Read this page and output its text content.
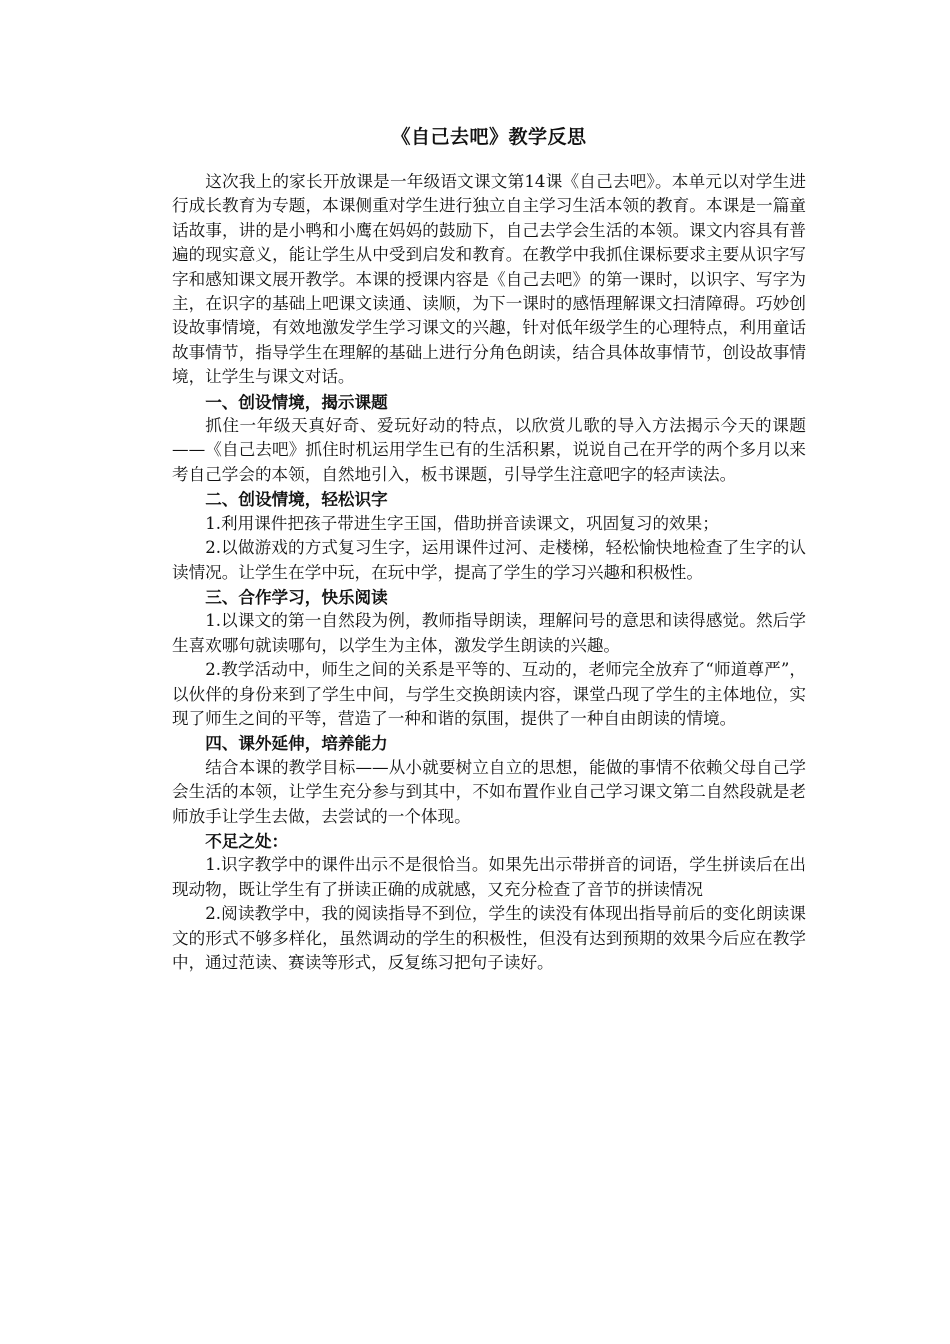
《自己去吧》教学反思

这次我上的家长开放课是一年级语文课文第14课《自己去吧》。本单元以对学生进行成长教育为专题，本课侧重对学生进行独立自主学习生活本领的教育。本课是一篇童话故事，讲的是小鸭和小鹰在妈妈的鼓励下，自己去学会生活的本领。课文内容具有普遍的现实意义，能让学生从中受到启发和教育。在教学中我抓住课标要求主要从识字写字和感知课文展开教学。本课的授课内容是《自己去吧》的第一课时，以识字、写字为主，在识字的基础上吧课文读通、读顺，为下一课时的感悟理解课文扫清障碍。巧妙创设故事情境，有效地激发学生学习课文的兴趣，针对低年级学生的心理特点，利用童话故事情节，指导学生在理解的基础上进行分角色朗读，结合具体故事情节，创设故事情境，让学生与课文对话。

一、创设情境，揭示课题

抓住一年级天真好奇、爱玩好动的特点，以欣赏儿歌的导入方法揭示今天的课题——《自己去吧》抓住时机运用学生已有的生活积累，说说自己在开学的两个多月以来考自己学会的本领，自然地引入，板书课题，引导学生注意吧字的轻声读法。

二、创设情境，轻松识字

1.利用课件把孩子带进生字王国，借助拼音读课文，巩固复习的效果；

2.以做游戏的方式复习生字，运用课件过河、走楼梯，轻松愉快地检查了生字的认读情况。让学生在学中玩，在玩中学，提高了学生的学习兴趣和积极性。

三、合作学习，快乐阅读

1.以课文的第一自然段为例，教师指导朗读，理解问号的意思和读得感觉。然后学生喜欢哪句就读哪句，以学生为主体，激发学生朗读的兴趣。

2.教学活动中，师生之间的关系是平等的、互动的，老师完全放弃了“师道尊严”，以伙伴的身份来到了学生中间，与学生交换朗读内容，课堂凸现了学生的主体地位，实现了师生之间的平等，营造了一种和谐的氛围，提供了一种自由朗读的情境。

四、课外延伸，培养能力

结合本课的教学目标——从小就要树立自立的思想，能做的事情不依赖父母自己学会生活的本领，让学生充分参与到其中，不如布置作业自己学习课文第二自然段就是老师放手让学生去做，去尝试的一个体现。

不足之处：

1.识字教学中的课件出示不是很恰当。如果先出示带拼音的词语，学生拼读后在出现动物，既让学生有了拼读正确的成就感，又充分检查了音节的拼读情况

2.阅读教学中，我的阅读指导不到位，学生的读没有体现出指导前后的变化朗读课文的形式不够多样化，虽然调动的学生的积极性，但没有达到预期的效果今后应在教学中，通过范读、赛读等形式，反复练习把句子读好。
